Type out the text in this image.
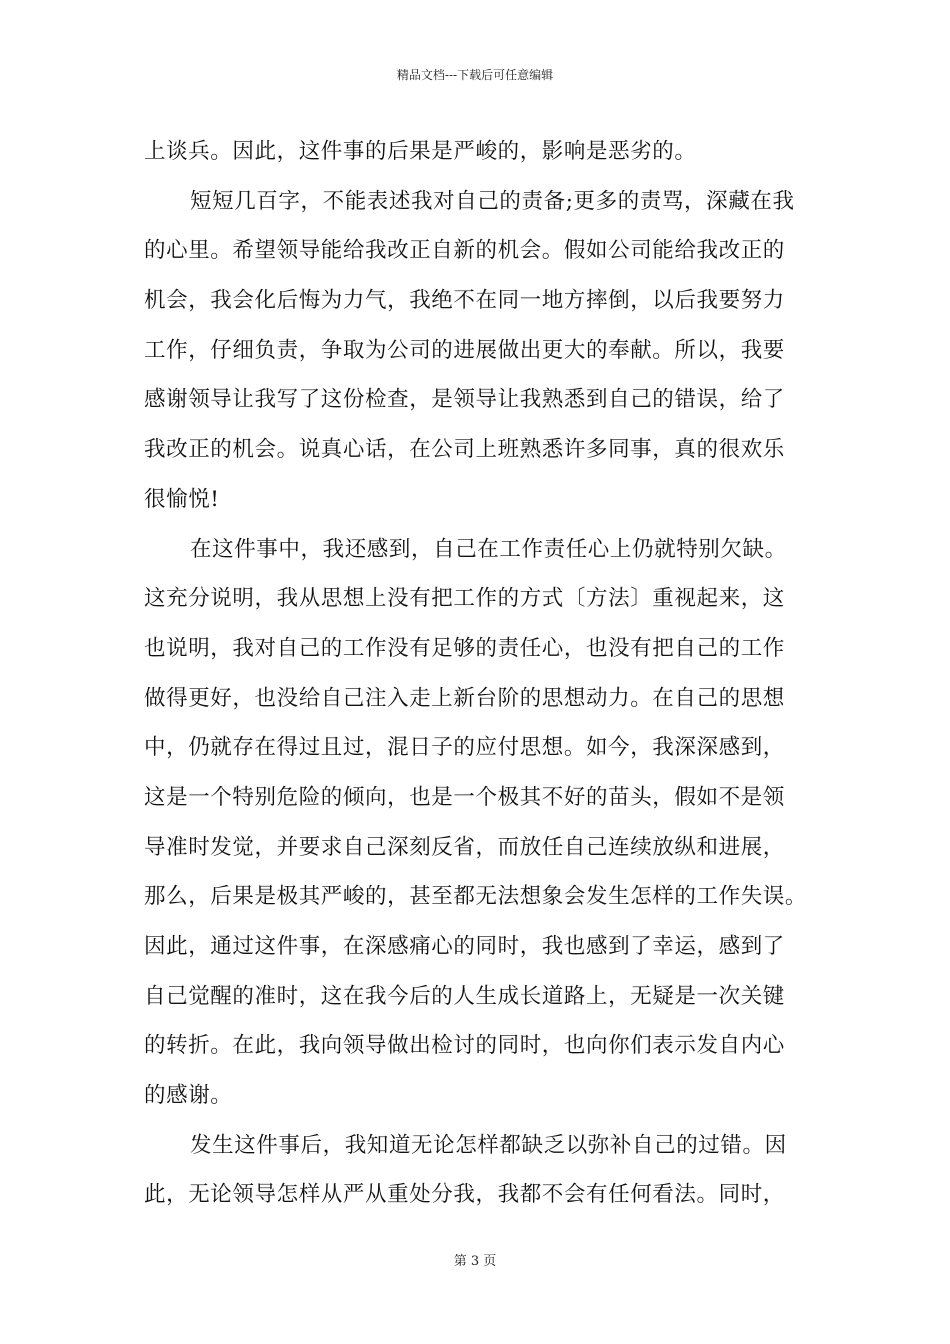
精品文档---下载后可任意编辑
上谈兵。因此，这件事的后果是严峻的，影响是恶劣的。
短短几百字，不能表述我对自己的责备;更多的责骂，深藏在我
的心里。希望领导能给我改正自新的机会。假如公司能给我改正的
机会，我会化后悔为力气，我绝不在同一地方摔倒，以后我要努力
工作，仔细负责，争取为公司的进展做出更大的奉献。所以，我要
感谢领导让我写了这份检查，是领导让我熟悉到自己的错误，给了
我改正的机会。说真心话，在公司上班熟悉许多同事，真的很欢乐
很愉悦!
在这件事中，我还感到，自己在工作责任心上仍就特别欠缺。
这充分说明，我从思想上没有把工作的方式〔方法〕重视起来，这
也说明，我对自己的工作没有足够的责任心，也没有把自己的工作
做得更好，也没给自己注入走上新台阶的思想动力。在自己的思想
中，仍就存在得过且过，混日子的应付思想。如今，我深深感到，
这是一个特别危险的倾向，也是一个极其不好的苗头，假如不是领
导准时发觉，并要求自己深刻反省，而放任自己连续放纵和进展，
那么，后果是极其严峻的，甚至都无法想象会发生怎样的工作失误。
因此，通过这件事，在深感痛心的同时，我也感到了幸运，感到了
自己觉醒的准时，这在我今后的人生成长道路上，无疑是一次关键
的转折。在此，我向领导做出检讨的同时，也向你们表示发自内心
的感谢。
发生这件事后，我知道无论怎样都缺乏以弥补自己的过错。因
此，无论领导怎样从严从重处分我，我都不会有任何看法。同时，
第 3 页
